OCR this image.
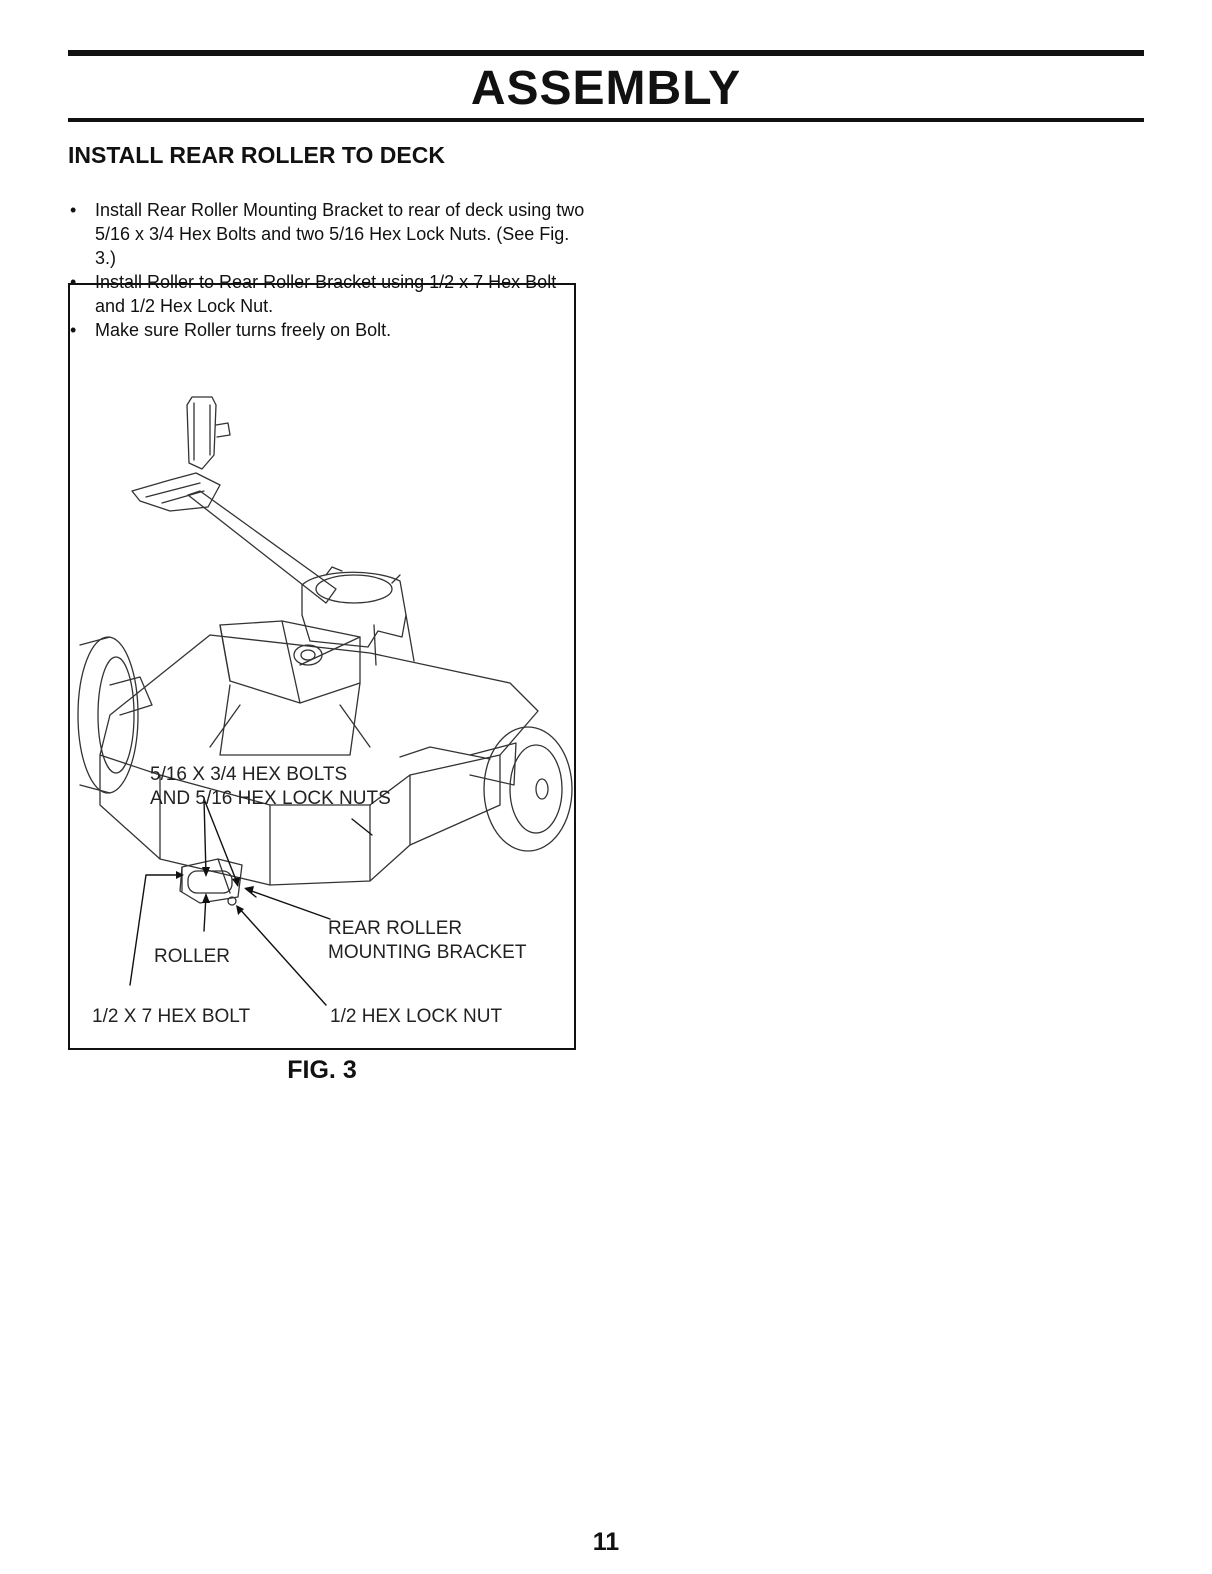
ASSEMBLY
INSTALL REAR ROLLER TO DECK
• Install Rear Roller Mounting Bracket to rear of deck using two 5/16 x 3/4 Hex Bolts and two 5/16 Hex Lock Nuts. (See Fig. 3.)
• Install Roller to Rear Roller Bracket using 1/2 x 7 Hex Bolt and 1/2 Hex Lock Nut.
• Make sure Roller turns freely on Bolt.
5/16 X 3/4 HEX BOLTS
AND 5/16 HEX LOCK NUTS
REAR ROLLER
MOUNTING BRACKET
ROLLER
1/2 X 7 HEX BOLT	1/2 HEX LOCK NUT
FIG. 3
11
